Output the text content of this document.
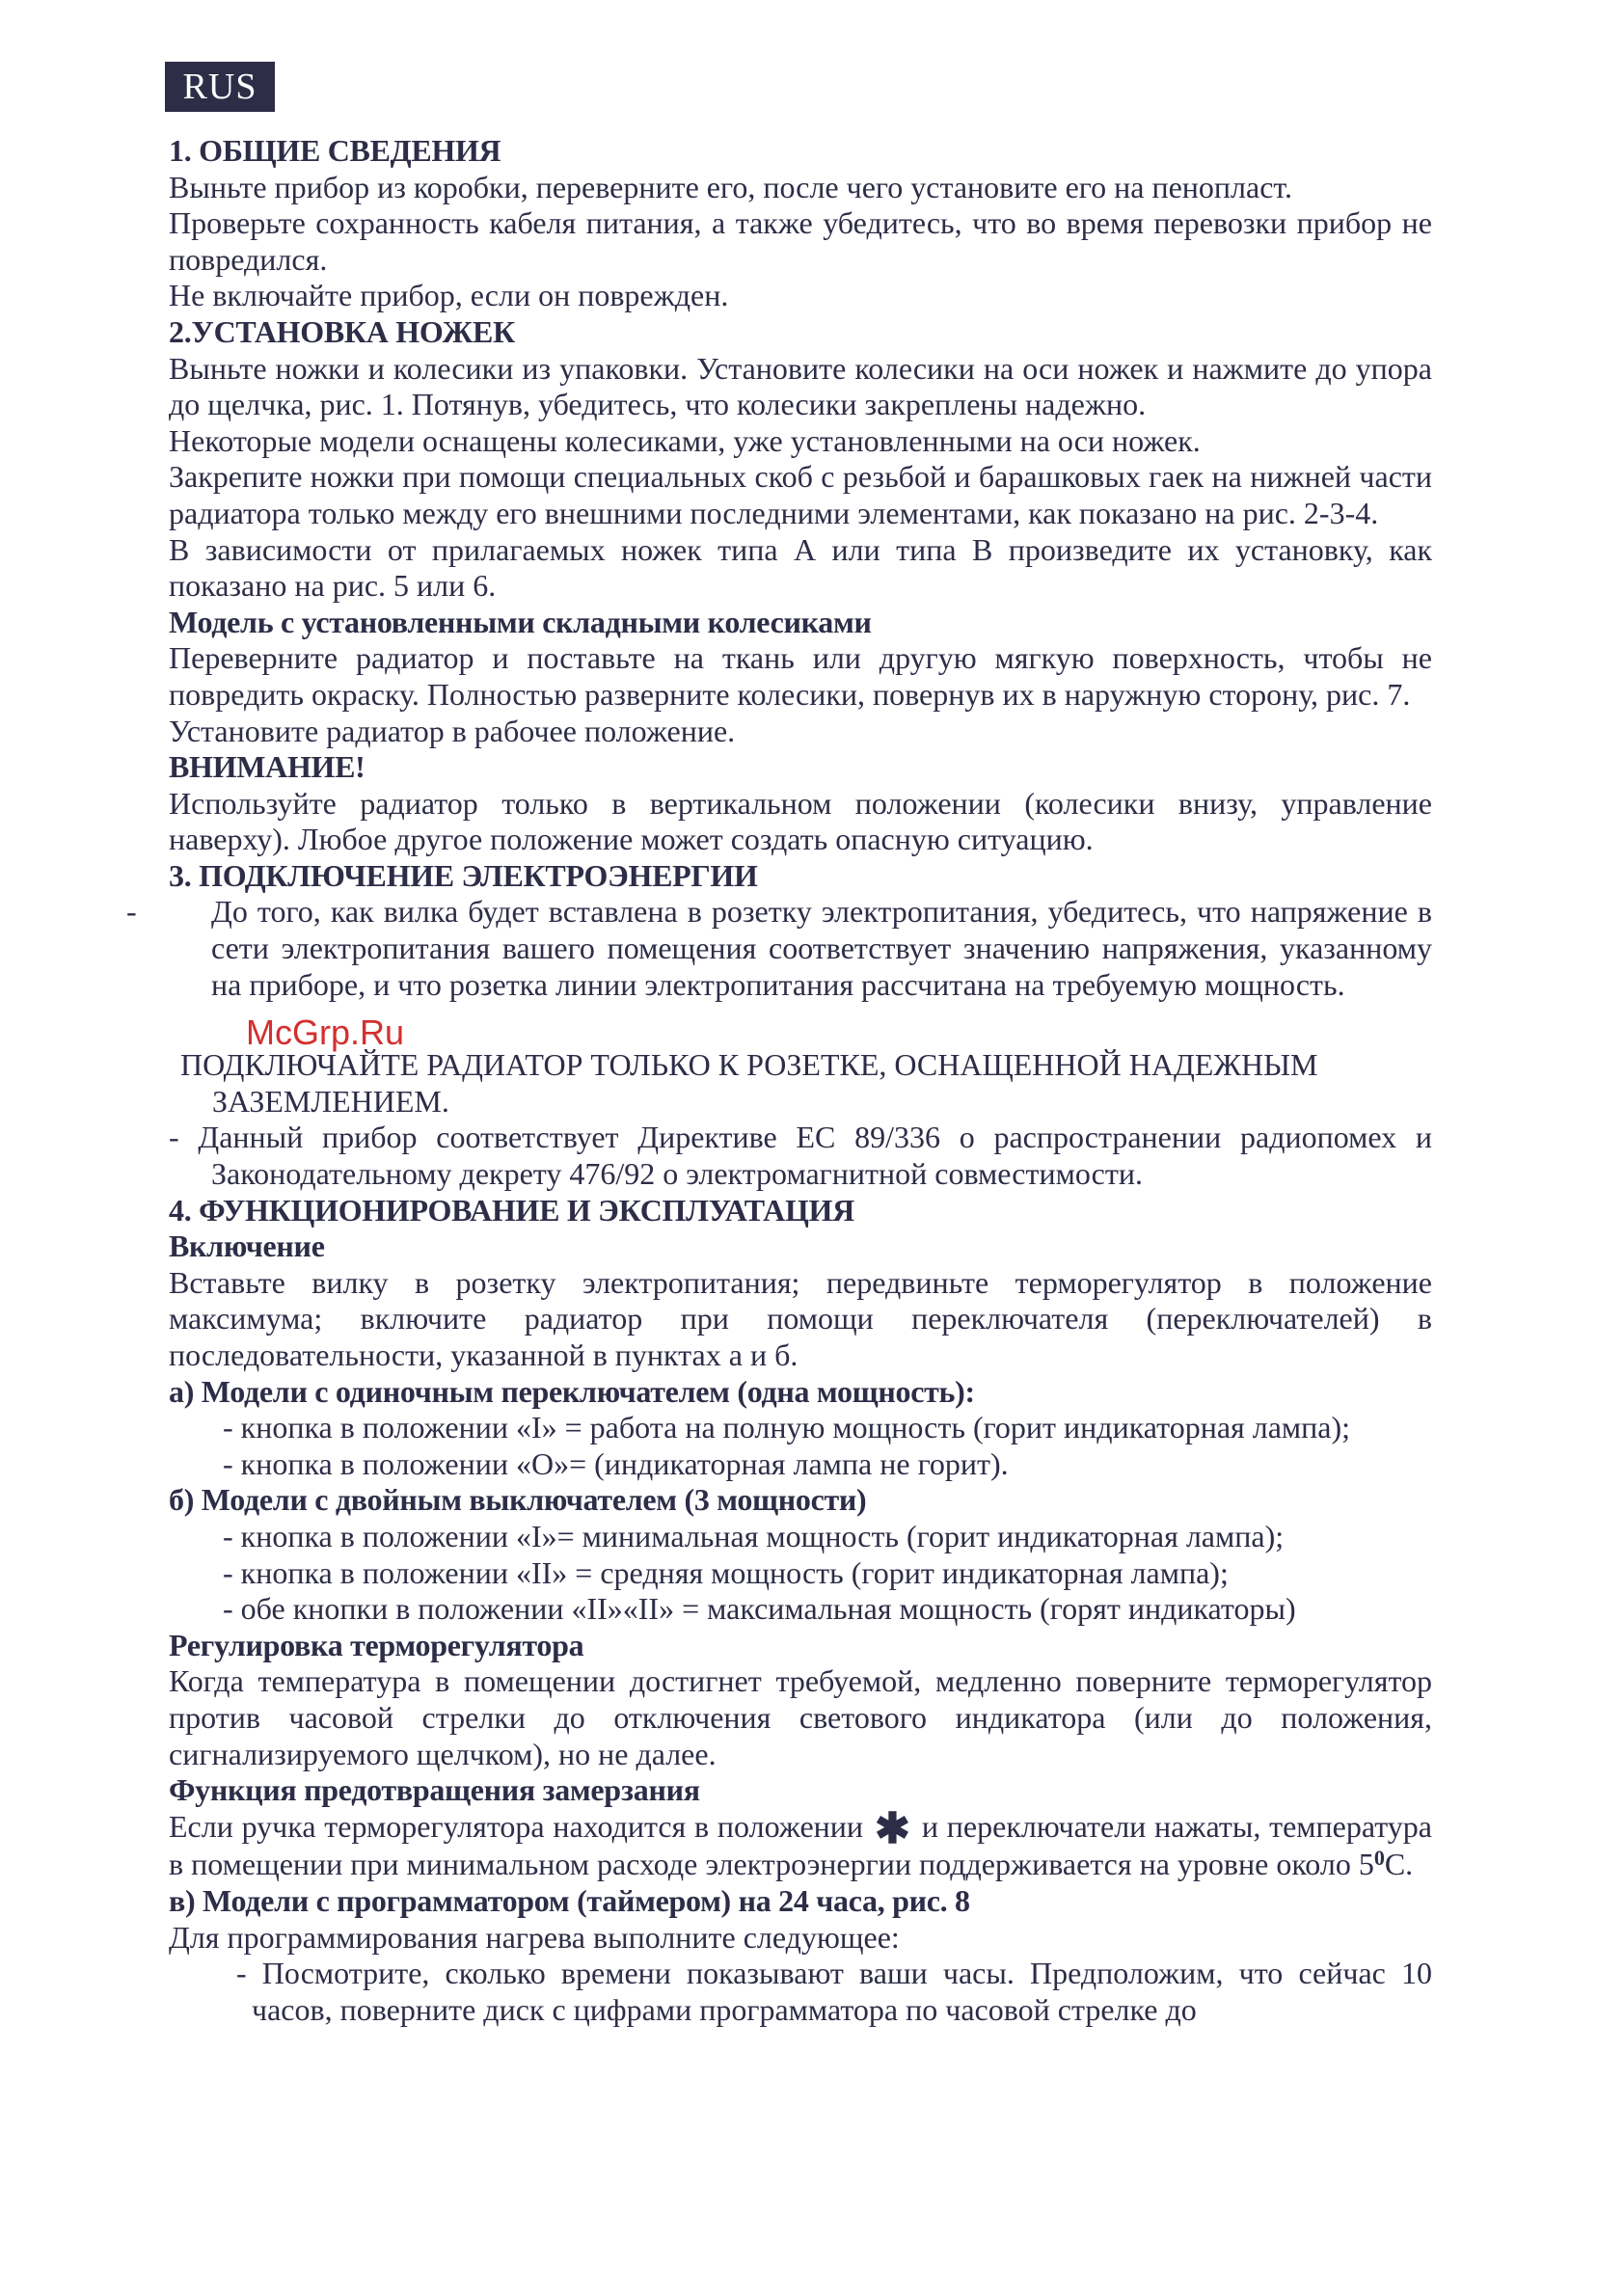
RUS

1. ОБЩИЕ СВЕДЕНИЯ

Выньте прибор из коробки, переверните его, после чего установите его на пенопласт.

Проверьте сохранность кабеля питания, а также убедитесь, что во время перевозки прибор не повредился.

Не включайте прибор, если он поврежден.

2.УСТАНОВКА НОЖЕК

Выньте ножки и колесики из упаковки. Установите колесики на оси ножек и нажмите до упора до щелчка, рис. 1. Потянув, убедитесь, что колесики закреплены надежно.

Некоторые модели оснащены колесиками, уже установленными на оси ножек.

Закрепите ножки при помощи специальных скоб с резьбой и барашковых гаек на нижней части радиатора только между его внешними последними элементами, как показано на рис. 2-3-4.

В зависимости от прилагаемых ножек типа А или типа В произведите их установку, как показано на рис. 5 или 6.

Модель с установленными складными колесиками

Переверните радиатор и поставьте на ткань или другую мягкую поверхность, чтобы не повредить окраску. Полностью разверните колесики, повернув их в наружную сторону, рис. 7.

Установите радиатор в рабочее положение.

ВНИМАНИЕ!

Используйте радиатор только в вертикальном положении (колесики внизу, управление наверху). Любое другое положение может создать опасную ситуацию.

3. ПОДКЛЮЧЕНИЕ ЭЛЕКТРОЭНЕРГИИ

- До того, как вилка будет вставлена в розетку электропитания, убедитесь, что напряжение в сети электропитания вашего помещения соответствует значению напряжения, указанному на приборе, и что розетка линии электропитания рассчитана на требуемую мощность.

McGrp.Ru

ПОДКЛЮЧАЙТЕ РАДИАТОР ТОЛЬКО К РОЗЕТКЕ, ОСНАЩЕННОЙ НАДЕЖНЫМ

ЗАЗЕМЛЕНИЕМ.

- Данный прибор соответствует Директиве ЕС 89/336 о распространении радиопомех и Законодательному декрету 476/92 о электромагнитной совместимости.

4. ФУНКЦИОНИРОВАНИЕ И ЭКСПЛУАТАЦИЯ

Включение

Вставьте вилку в розетку электропитания; передвиньте терморегулятор в положение максимума; включите радиатор при помощи переключателя (переключателей) в последовательности, указанной в пунктах а и б.

а) Модели с одиночным переключателем (одна мощность):

- кнопка в положении «I» = работа на полную мощность (горит индикаторная лампа);

- кнопка в положении «O»= (индикаторная лампа не горит).

б) Модели с двойным выключателем (3 мощности)

- кнопка в положении «I»= минимальная мощность (горит индикаторная лампа);

- кнопка в положении «II» = средняя мощность (горит индикаторная лампа);

- обе кнопки в положении «II»«II» = максимальная мощность (горят индикаторы)

Регулировка терморегулятора

Когда температура в помещении достигнет требуемой, медленно поверните терморегулятор против часовой стрелки до отключения светового индикатора (или до положения, сигнализируемого щелчком), но не далее.

Функция предотвращения замерзания

Если ручка терморегулятора находится в положении ✱ и переключатели нажаты, температура в помещении при минимальном расходе электроэнергии поддерживается на уровне около $5^0С$.

в) Модели с программатором (таймером) на 24 часа, рис. 8

Для программирования нагрева выполните следующее:

- Посмотрите, сколько времени показывают ваши часы. Предположим, что сейчас 10 часов, поверните диск с цифрами программатора по часовой стрелке до
